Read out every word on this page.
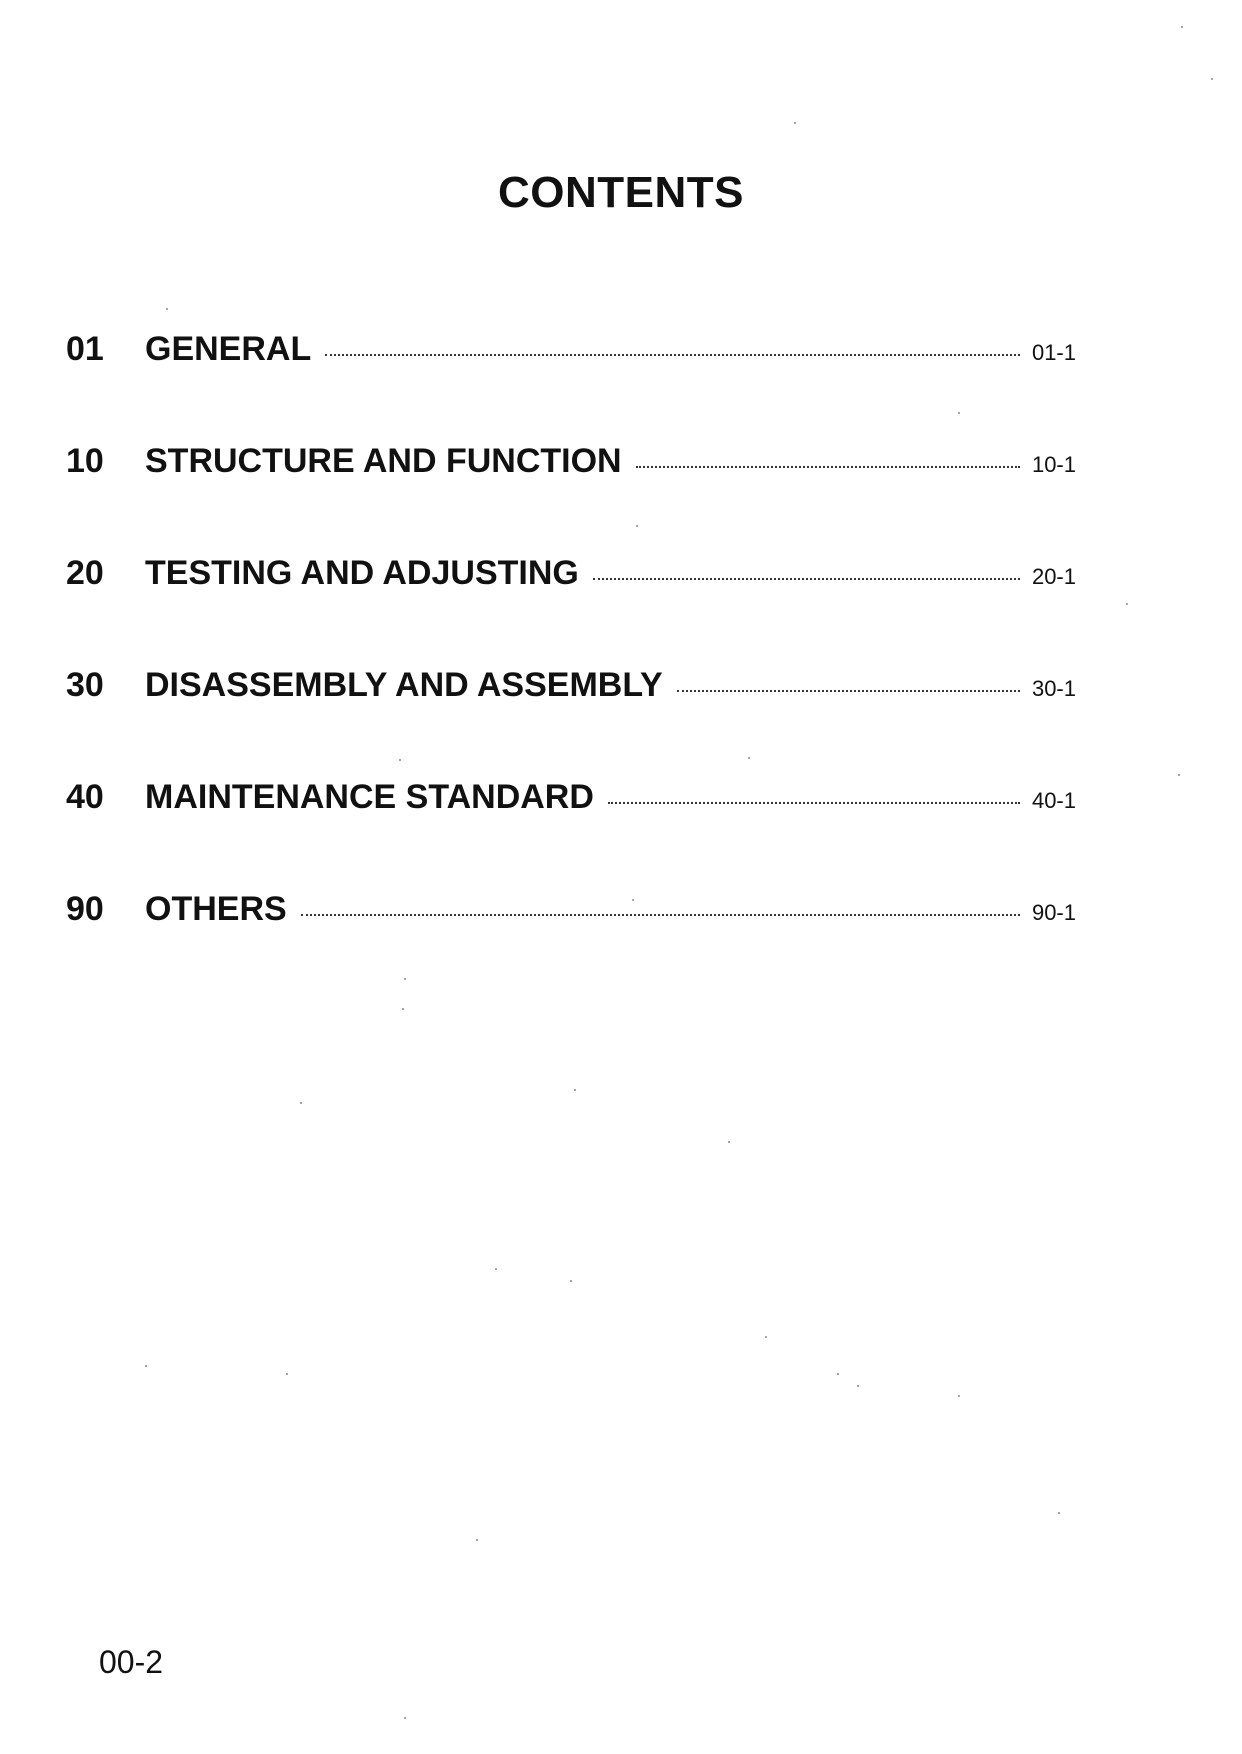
CONTENTS
01	GENERAL	01-1
10	STRUCTURE AND FUNCTION	10-1
20	TESTING AND ADJUSTING	20-1
30	DISASSEMBLY AND ASSEMBLY	30-1
40	MAINTENANCE STANDARD	40-1
90	OTHERS	90-1

00-2
